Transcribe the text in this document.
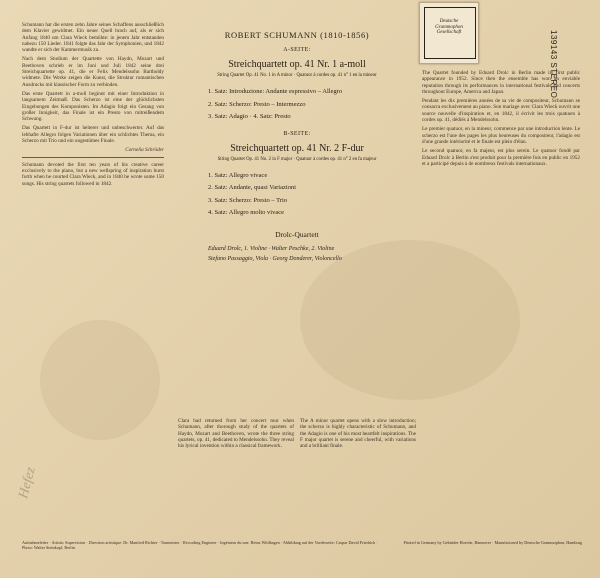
Schumann hat die ersten zehn Jahre seines Schaffens ausschließlich dem Klavier gewidmet. Ein neuer Quell brach auf, als er sich Anfang 1840 um Clara Wieck bemühte: in jenem Jahr entstanden nahezu 150 Lieder. 1841 folgte das Jahr der Symphonien, und 1842 wandte er sich der Kammermusik zu.

Nach dem Studium der Quartette von Haydn, Mozart und Beethoven schrieb er im Juni und Juli 1842 seine drei Streichquartette op. 41, die er Felix Mendelssohn Bartholdy widmete. Die Werke zeigen die Kunst, die Struktur romantischen Ausdrucks mit klassischer Form zu verbinden.

Das erste Quartett in a-moll beginnt mit einer Introduktion in langsamem Zeitmaß. Das Scherzo ist eine der glücklichsten Eingebungen des Komponisten. Im Adagio folgt ein Gesang von großer Innigkeit, das Finale ist ein Presto von mitreißendem Schwung.

Das Quartett in F-dur ist heiterer und unbeschwerter. Auf das lebhafte Allegro folgen Variationen über ein schlichtes Thema, ein Scherzo mit Trio und ein ungestümes Finale.

Cornelia Schröder

Schumann devoted the first ten years of his creative career exclusively to the piano, but a new wellspring of inspiration burst forth when he courted Clara Wieck, and in 1840 he wrote some 150 songs. His string quartets followed in 1842.

Deutsche Grammophon Gesellschaft	139143 STEREO
ROBERT SCHUMANN (1810-1856)
A-SEITE:
Streichquartett op. 41 Nr. 1 a-moll
String Quartet Op. 41 No. 1 in A minor · Quatuor à cordes op. 41 n° 1 en la mineur
1. Satz: Introduzione: Andante espressivo – Allegro
2. Satz: Scherzo: Presto – Intermezzo
3. Satz: Adagio · 4. Satz: Presto
B-SEITE:
Streichquartett op. 41 Nr. 2 F-dur
String Quartet Op. 41 No. 2 in F major · Quatuor à cordes op. 41 n° 2 en fa majeur
1. Satz: Allegro vivace
2. Satz: Andante, quasi Variazioni
3. Satz: Scherzo: Presto – Trio
4. Satz: Allegro molto vivace
Drolc-Quartett
Eduard Drolc, 1. Violine · Walter Peschke, 2. Violine
Stefano Passaggio, Viola · Georg Donderer, Violoncello

Clara had returned from her concert tour when Schumann, after thorough study of the quartets of Haydn, Mozart and Beethoven, wrote the three string quartets, op. 41, dedicated to Mendelssohn. They reveal his lyrical invention within a classical framework.

The A minor quartet opens with a slow introduction; the scherzo is highly characteristic of Schumann, and the Adagio is one of his most heartfelt inspirations. The F major quartet is serene and cheerful, with variations and a brilliant finale.

The Quartet founded by Eduard Drolc in Berlin made its first public appearance in 1952. Since then the ensemble has won an enviable reputation through its performances in international festivals and concerts throughout Europe, America and Japan.

Pendant les dix premières années de sa vie de compositeur, Schumann se consacra exclusivement au piano. Son mariage avec Clara Wieck ouvrit une source nouvelle d'inspiration et, en 1842, il écrivit les trois quatuors à cordes op. 41, dédiés à Mendelssohn.

Le premier quatuor, en la mineur, commence par une introduction lente. Le scherzo est l'une des pages les plus heureuses du compositeur, l'adagio est d'une grande intériorité et le finale est plein d'élan.

Le second quatuor, en fa majeur, est plus serein. Le quatuor fondé par Eduard Drolc à Berlin s'est produit pour la première fois en public en 1952 et a participé depuis à de nombreux festivals internationaux.

Hefez
Aufnahmeleiter · Artistic Supervision · Direction artistique: Dr. Manfred Richter · Tonmeister · Recording Engineer · Ingénieur du son: Heinz Wildhagen · Abbildung auf der Vorderseite: Caspar David Friedrich · Photo: Walter Steinkopf, Berlin
Printed in Germany by Gebrüder Hoeche, Hannover · Manufactured by Deutsche Grammophon, Hamburg
